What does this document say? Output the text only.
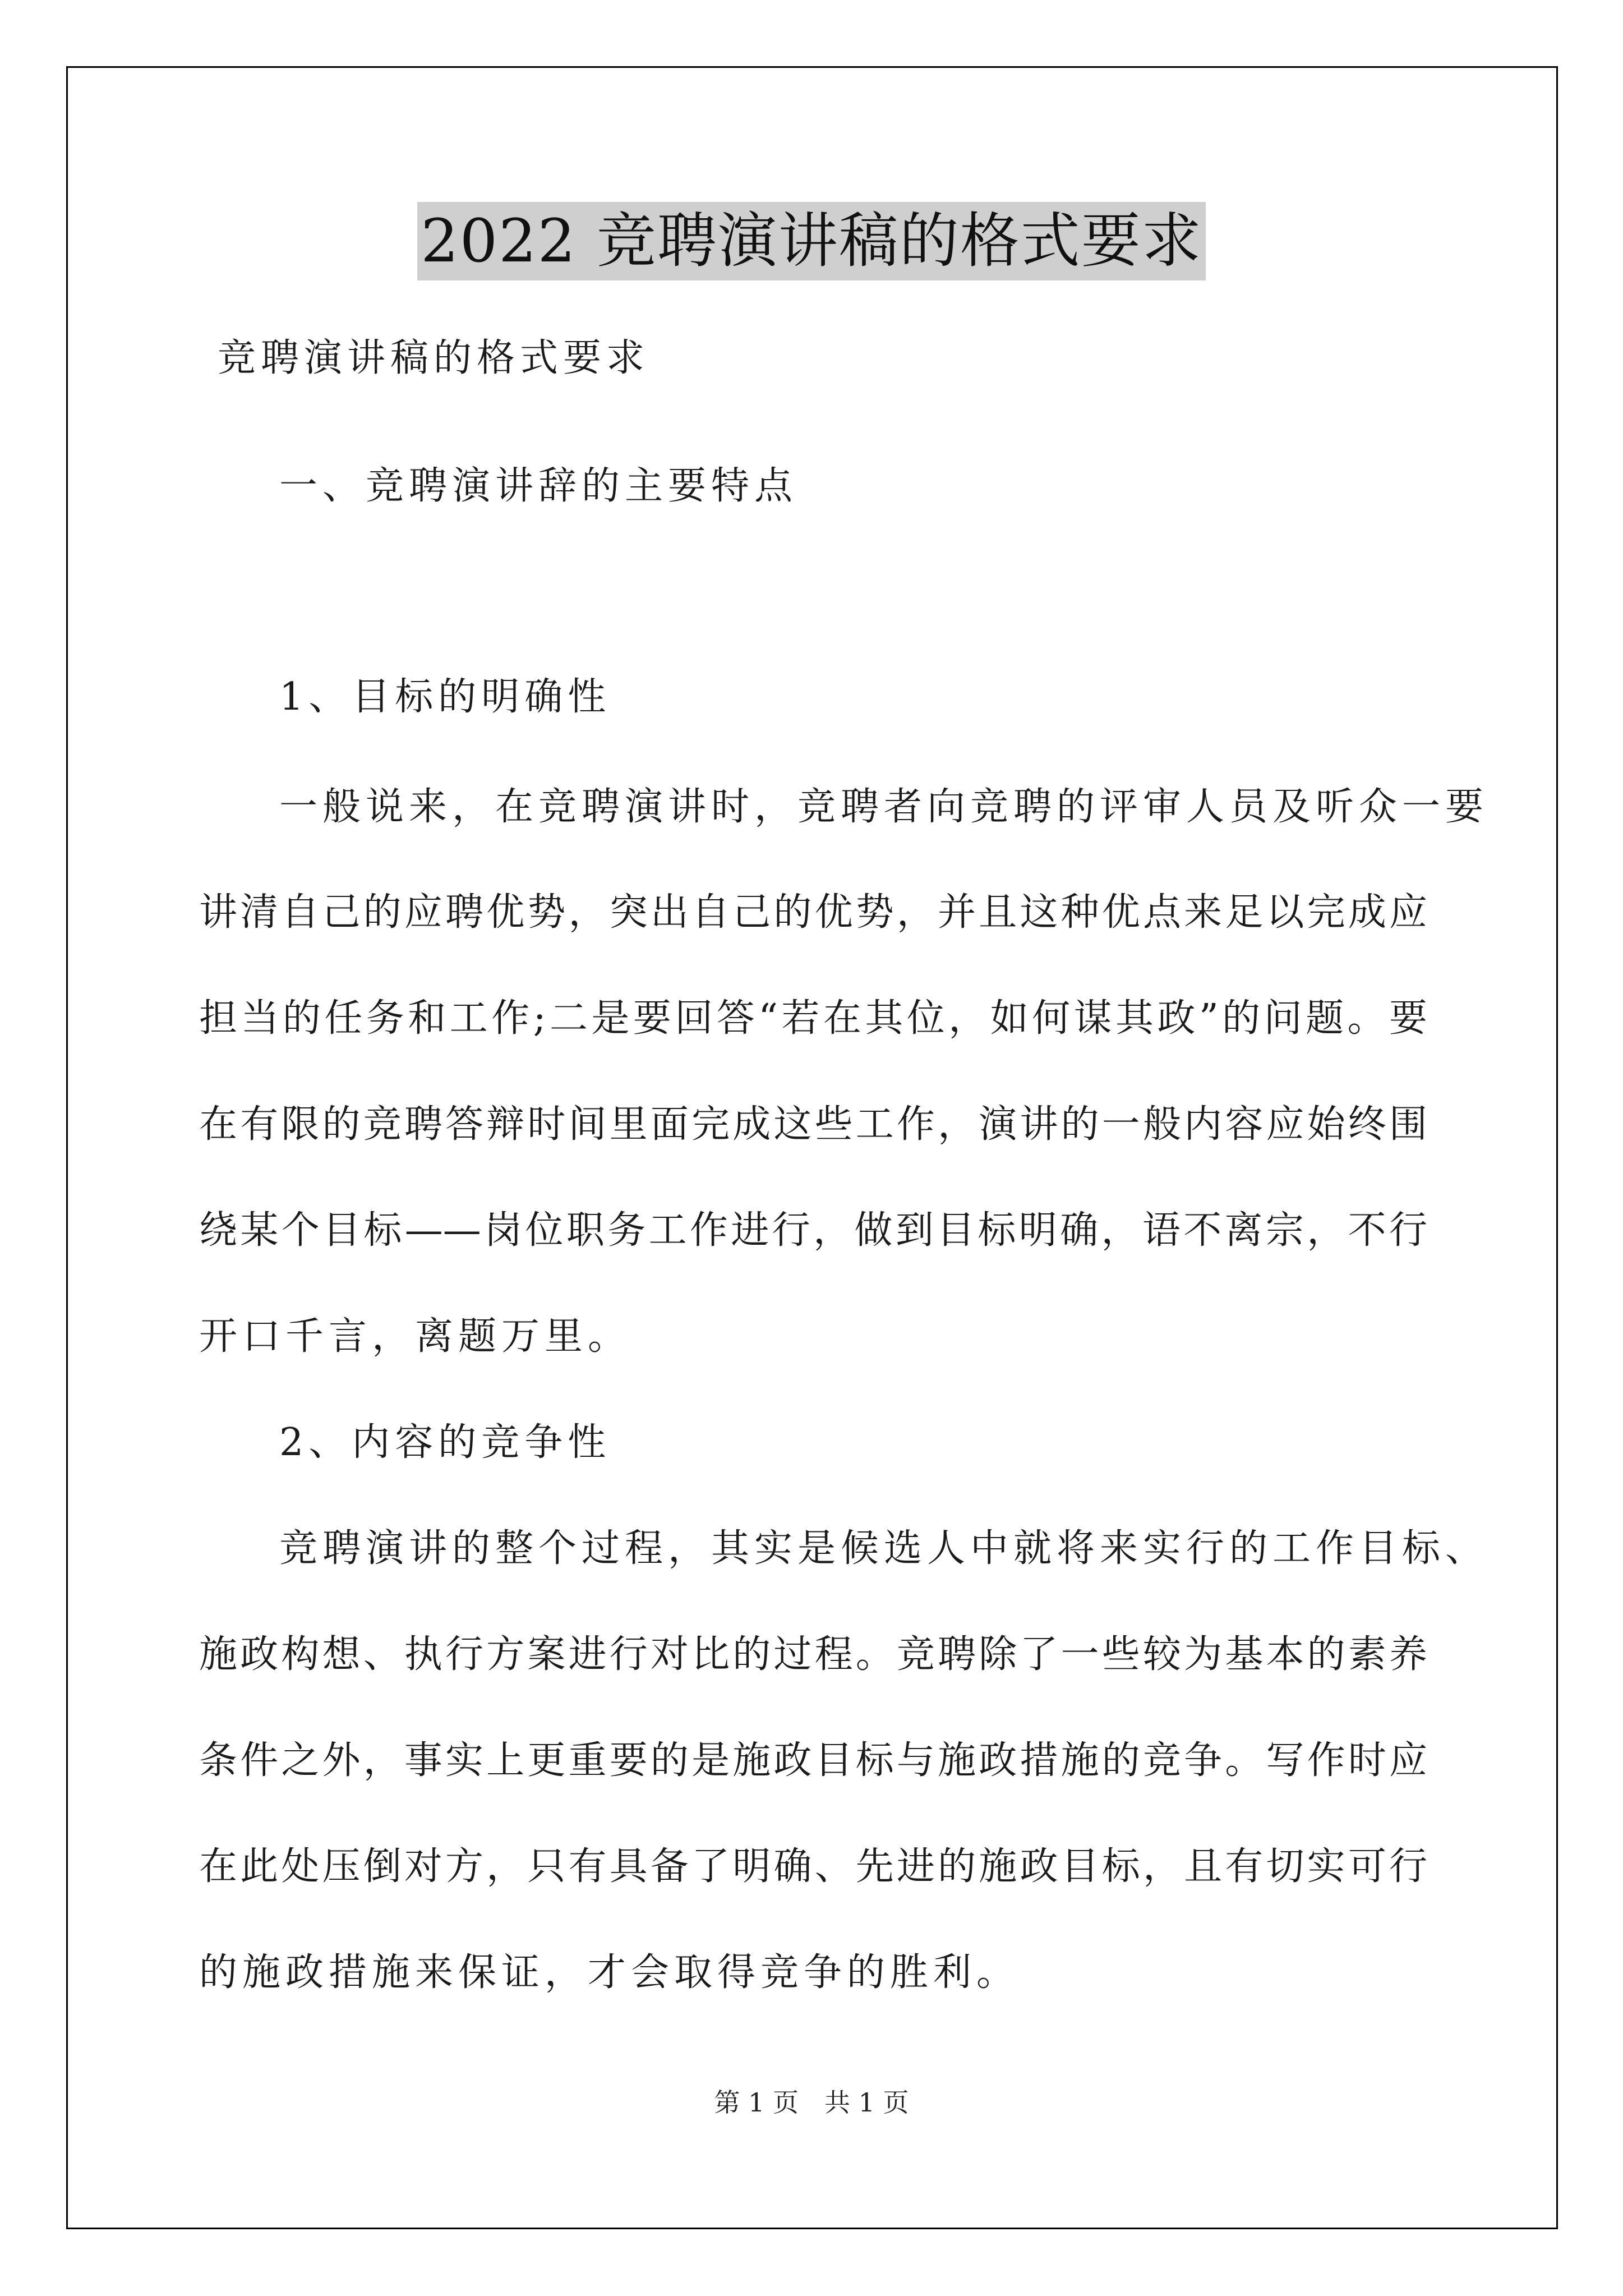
2022 竞聘演讲稿的格式要求
竞聘演讲稿的格式要求
一、竞聘演讲辞的主要特点
1、目标的明确性
一般说来，在竞聘演讲时，竞聘者向竞聘的评审人员及听众一要
讲清自己的应聘优势，突出自己的优势，并且这种优点来足以完成应
担当的任务和工作;二是要回答“若在其位，如何谋其政”的问题。要
在有限的竞聘答辩时间里面完成这些工作，演讲的一般内容应始终围
绕某个目标——岗位职务工作进行，做到目标明确，语不离宗，不行
开口千言，离题万里。
2、内容的竞争性
竞聘演讲的整个过程，其实是候选人中就将来实行的工作目标、
施政构想、执行方案进行对比的过程。竞聘除了一些较为基本的素养
条件之外，事实上更重要的是施政目标与施政措施的竞争。写作时应
在此处压倒对方，只有具备了明确、先进的施政目标，且有切实可行
的施政措施来保证，才会取得竞争的胜利。
第 1 页　共 1 页
